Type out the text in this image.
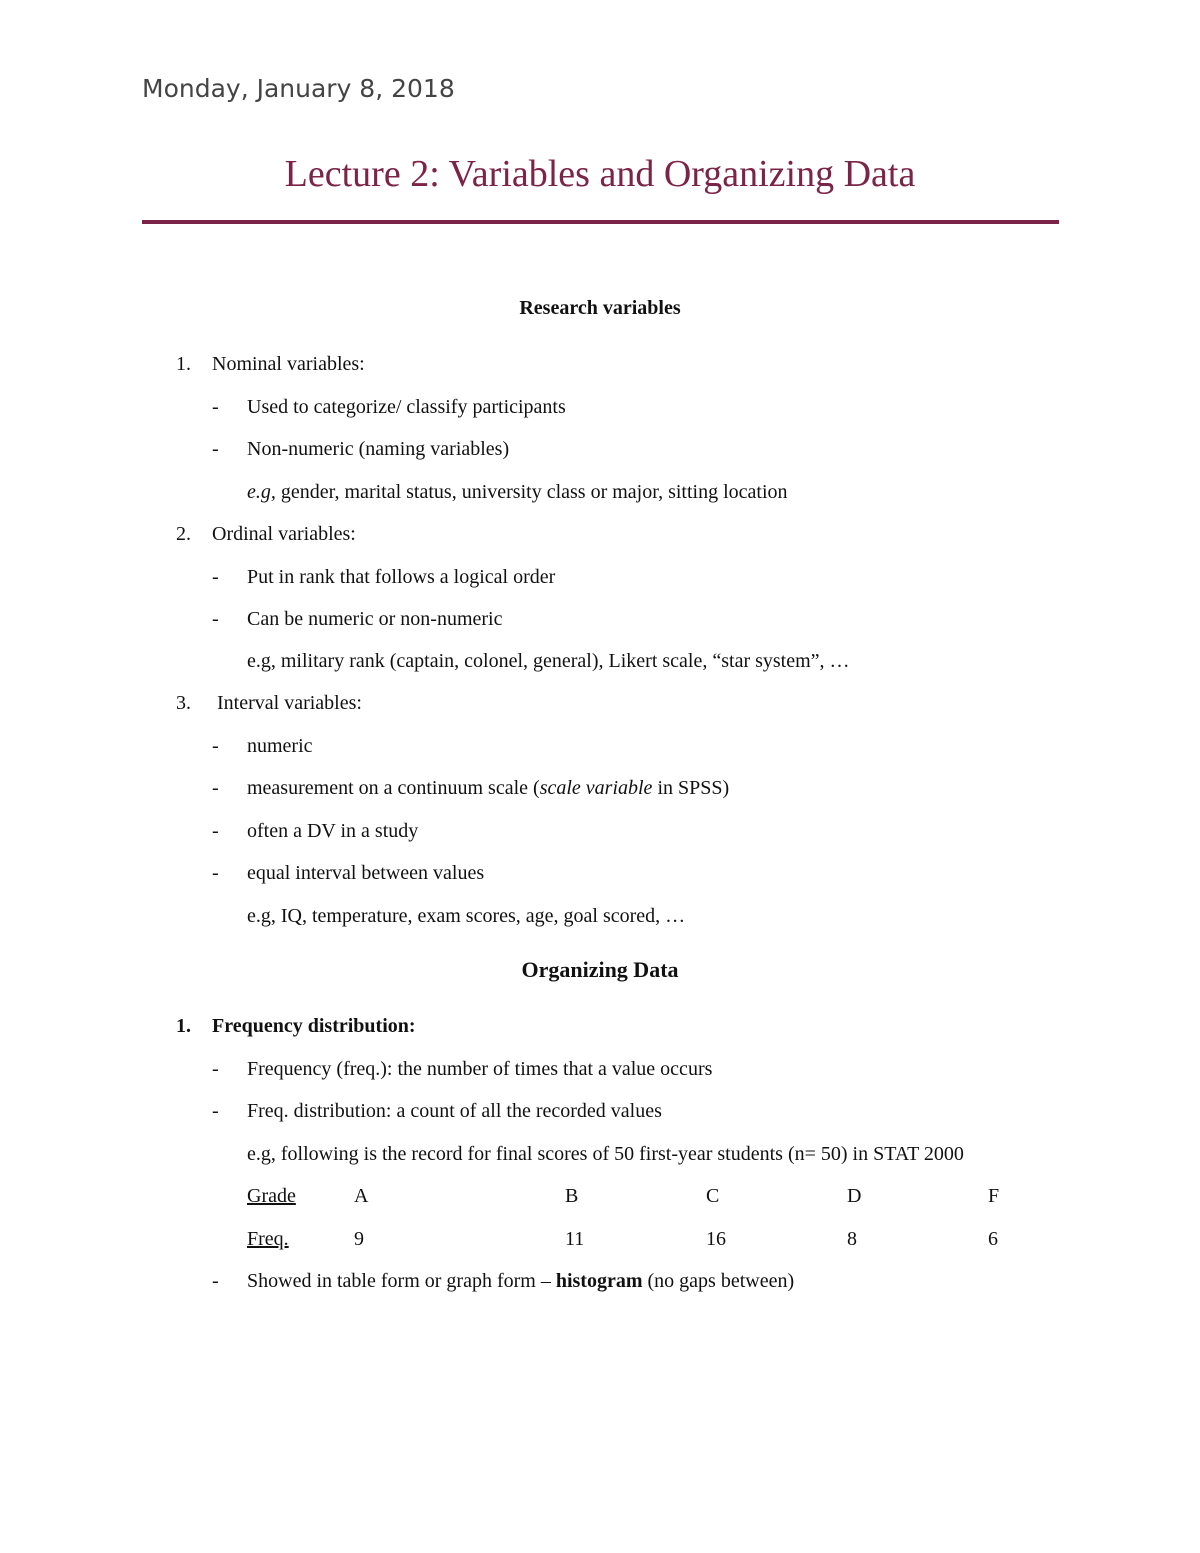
Monday, January 8, 2018
Lecture 2: Variables and Organizing Data
Research variables
1. Nominal variables:
- Used to categorize/ classify participants
- Non-numeric (naming variables)
e.g, gender, marital status, university class or major, sitting location
2. Ordinal variables:
- Put in rank that follows a logical order
- Can be numeric or non-numeric
e.g, military rank (captain, colonel, general), Likert scale, “star system”, …
3. Interval variables:
- numeric
- measurement on a continuum scale (scale variable in SPSS)
- often a DV in a study
- equal interval between values
e.g, IQ, temperature, exam scores, age, goal scored, …
Organizing Data
1. Frequency distribution:
- Frequency (freq.): the number of times that a value occurs
- Freq. distribution: a count of all the recorded values
e.g, following is the record for final scores of 50 first-year students (n= 50) in STAT 2000
Grade	A	B	C	D	F
Freq.	9	11	16	8	6
- Showed in table form or graph form – histogram (no gaps between)
